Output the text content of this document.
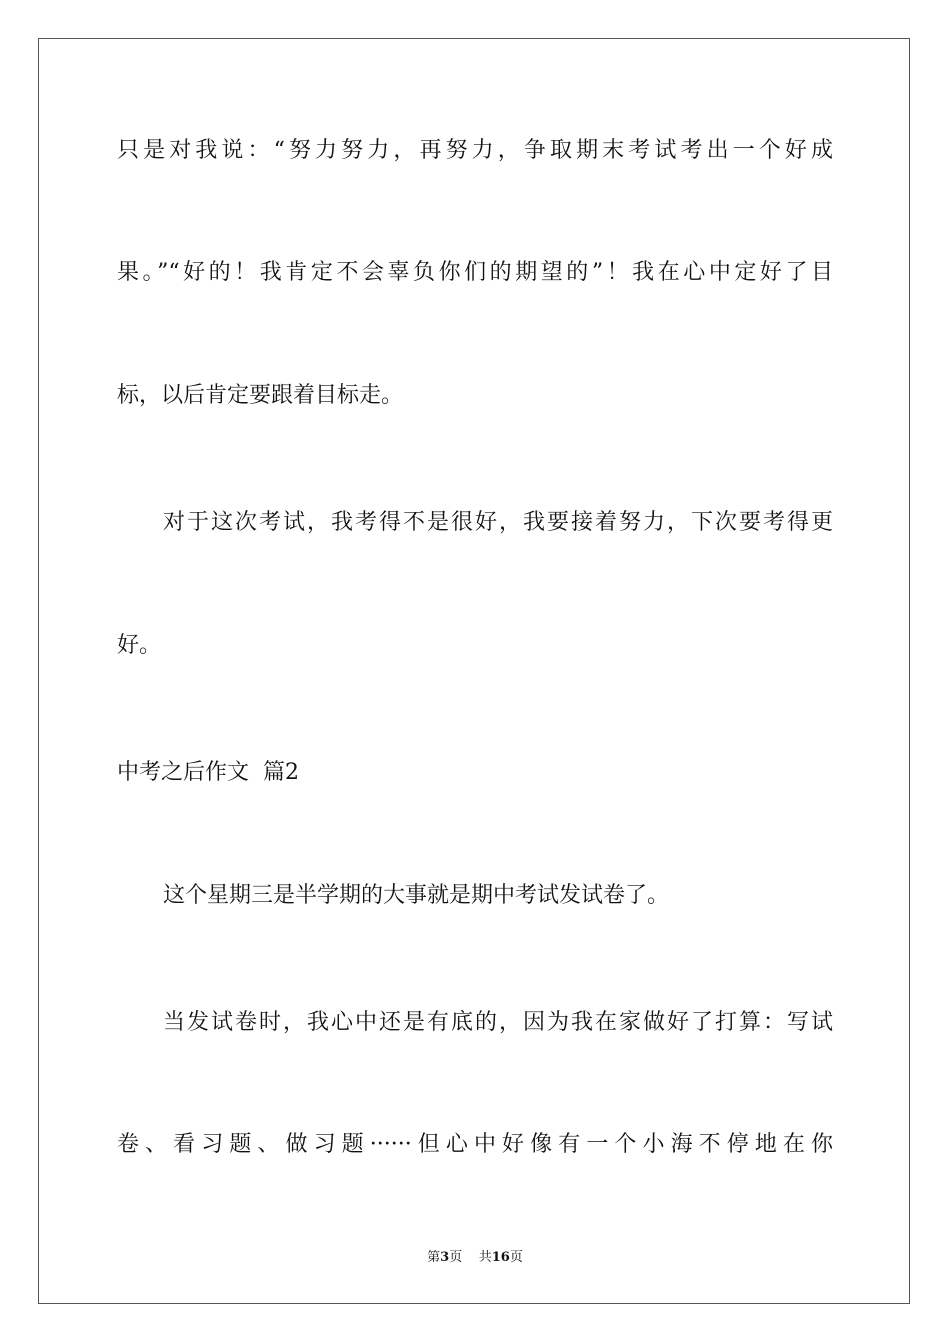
只是对我说：“努力努力，再努力，争取期末考试考出一个好成
果。”“好的！我肯定不会辜负你们的期望的”！我在心中定好了目
标，以后肯定要跟着目标走。
对于这次考试，我考得不是很好，我要接着努力，下次要考得更
好。
中考之后作文  篇2
这个星期三是半学期的大事就是期中考试发试卷了。
当发试卷时，我心中还是有底的，因为我在家做好了打算：写试
卷、看习题、做习题······但心中好像有一个小海不停地在你
第3页 共16页
